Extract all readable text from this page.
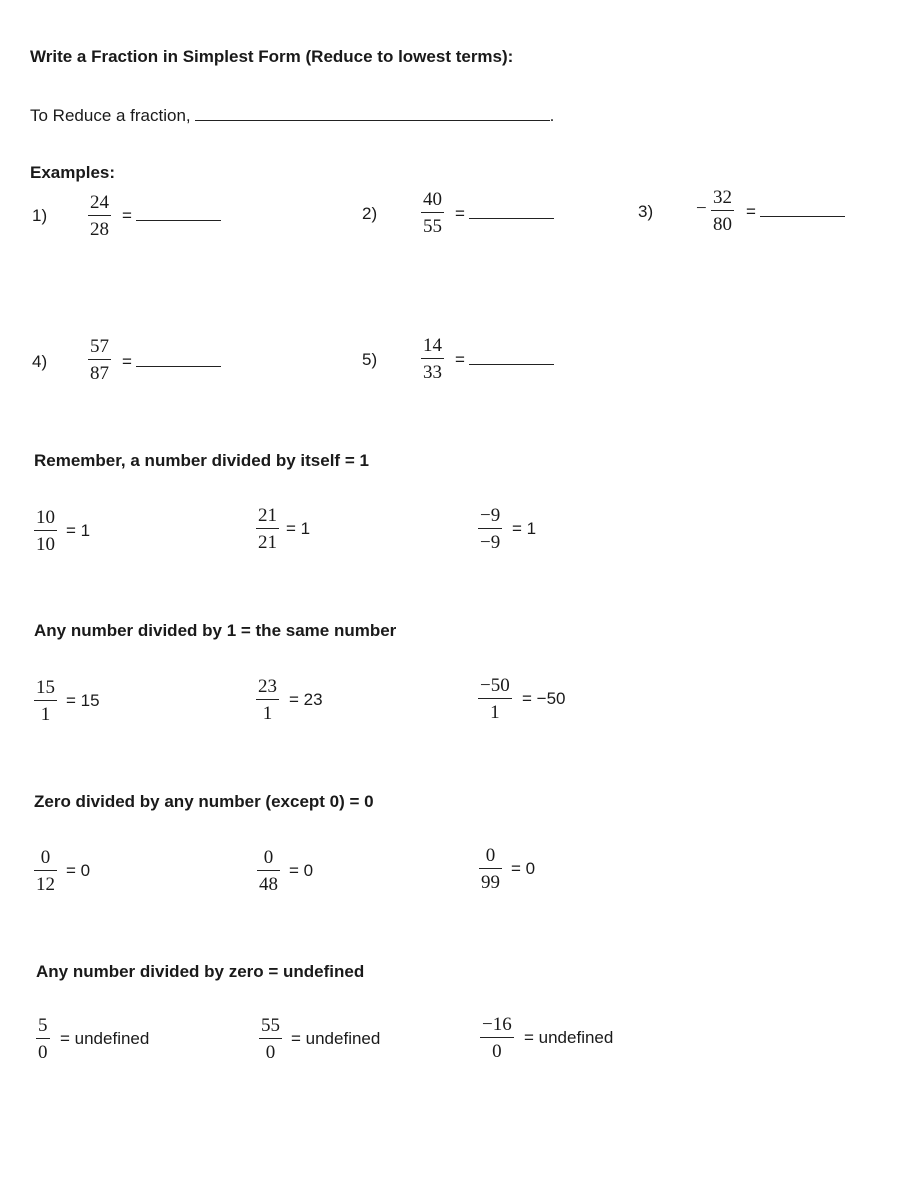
Write a Fraction in Simplest Form (Reduce to lowest terms):
To Reduce a fraction,	.
Examples:
1)
24
28
=	2)
40
55
=	3) −
32
80
=
4)
57
87
=	5)
14
33
=
Remember, a number divided by itself = 1
10
10
= 1
21
21
= 1
−9
−9
= 1
Any number divided by 1 = the same number
15
1
= 15
23
1
= 23
−50
1
= −50
Zero divided by any number (except 0) = 0
0
12
= 0
0
48
= 0
0
99
= 0
Any number divided by zero = undefined
5
0
= undefined
55
0
= undefined
−16
0
= undefined
